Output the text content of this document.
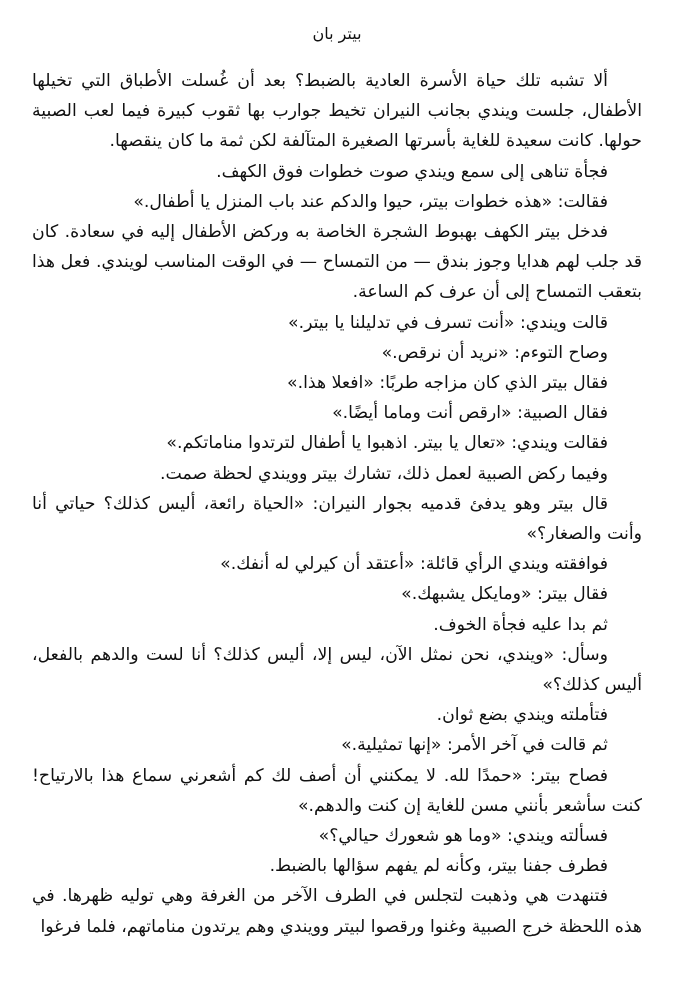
بيتر بان

ألا تشبه تلك حياة الأسرة العادية بالضبط؟ بعد أن غُسلت الأطباق التي تخيلها الأطفال، جلست ويندي بجانب النيران تخيط جوارب بها ثقوب كبيرة فيما لعب الصبية حولها. كانت سعيدة للغاية بأسرتها الصغيرة المتآلفة لكن ثمة ما كان ينقصها.

فجأة تناهى إلى سمع ويندي صوت خطوات فوق الكهف.

فقالت: «هذه خطوات بيتر، حيوا والدكم عند باب المنزل يا أطفال.»

فدخل بيتر الكهف بهبوط الشجرة الخاصة به وركض الأطفال إليه في سعادة. كان قد جلب لهم هدايا وجوز بندق — من التمساح — في الوقت المناسب لويندي. فعل هذا بتعقب التمساح إلى أن عرف كم الساعة.

قالت ويندي: «أنت تسرف في تدليلنا يا بيتر.»

وصاح التوءم: «نريد أن نرقص.»

فقال بيتر الذي كان مزاجه طربًا: «افعلا هذا.»

فقال الصبية: «ارقص أنت وماما أيضًا.»

فقالت ويندي: «تعال يا بيتر. اذهبوا يا أطفال لترتدوا مناماتكم.»

وفيما ركض الصبية لعمل ذلك، تشارك بيتر وويندي لحظة صمت.

قال بيتر وهو يدفئ قدميه بجوار النيران: «الحياة رائعة، أليس كذلك؟ حياتي أنا وأنت والصغار؟»

فوافقته ويندي الرأي قائلة: «أعتقد أن كيرلي له أنفك.»

فقال بيتر: «ومايكل يشبهك.»

ثم بدا عليه فجأة الخوف.

وسأل: «ويندي، نحن نمثل الآن، ليس إلا، أليس كذلك؟ أنا لست والدهم بالفعل، أليس كذلك؟»

فتأملته ويندي بضع ثوان.

ثم قالت في آخر الأمر: «إنها تمثيلية.»

فصاح بيتر: «حمدًا لله. لا يمكنني أن أصف لك كم أشعرني سماع هذا بالارتياح! كنت سأشعر بأنني مسن للغاية إن كنت والدهم.»

فسألته ويندي: «وما هو شعورك حيالي؟»

فطرف جفنا بيتر، وكأنه لم يفهم سؤالها بالضبط.

فتنهدت هي وذهبت لتجلس في الطرف الآخر من الغرفة وهي توليه ظهرها. في هذه اللحظة خرج الصبية وغنوا ورقصوا لبيتر وويندي وهم يرتدون مناماتهم، فلما فرغوا
